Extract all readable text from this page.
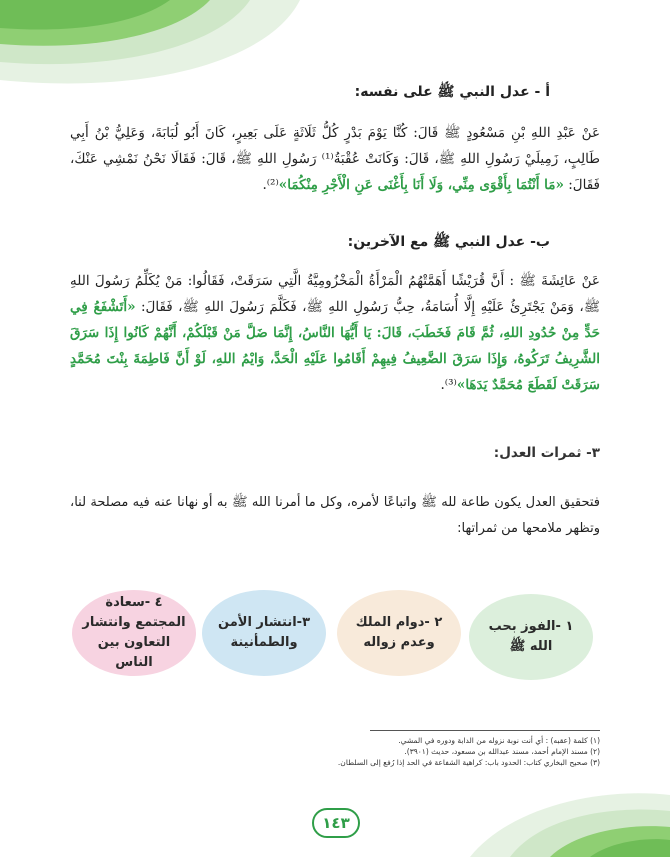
أ - عدل النبي ﷺ على نفسه:
عَنْ عَبْدِ اللهِ بْنِ مَسْعُودٍ ﷺ قَالَ: كُنَّا يَوْمَ بَدْرٍ كُلُّ ثَلَاثَةٍ عَلَى بَعِيرٍ، كَانَ أَبُو لُبَابَةَ، وَعَلِيُّ بْنُ أَبِي طَالِبٍ، زَمِيلَيْ رَسُولِ اللهِ ﷺ، قَالَ: وَكَانَتْ عُقْبَةُ⁽¹⁾ رَسُولِ اللهِ ﷺ، قَالَ: فَقَالَا نَحْنُ نَمْشِي عَنْكَ، فَقَالَ: «مَا أَنْتُمَا بِأَقْوَى مِنِّي، وَلَا أَنَا بِأَغْنَى عَنِ الْأَجْرِ مِنْكُمَا»⁽²⁾.
ب- عدل النبي ﷺ مع الآخرين:
عَنْ عَائِشَةَ ﷺ : أَنَّ قُرَيْشًا أَهَمَّتْهُمُ الْمَرْأَةُ الْمَخْزُومِيَّةُ الَّتِي سَرَقَتْ، فَقَالُوا: مَنْ يُكَلِّمُ رَسُولَ اللهِ ﷺ، وَمَنْ يَجْتَرِئُ عَلَيْهِ إِلَّا أُسَامَةُ، حِبُّ رَسُولِ اللهِ ﷺ، فَكَلَّمَ رَسُولَ اللهِ ﷺ، فَقَالَ: «أَتَشْفَعُ فِي حَدٍّ مِنْ حُدُودِ اللهِ، ثُمَّ قَامَ فَخَطَبَ، قَالَ: يَا أَيُّهَا النَّاسُ، إِنَّمَا ضَلَّ مَنْ قَبْلَكُمْ، أَنَّهُمْ كَانُوا إِذَا سَرَقَ الشَّرِيفُ تَرَكُوهُ، وَإِذَا سَرَقَ الضَّعِيفُ فِيهِمْ أَقَامُوا عَلَيْهِ الْحَدَّ، وَايْمُ اللهِ، لَوْ أَنَّ فَاطِمَةَ بِنْتَ مُحَمَّدٍ سَرَقَتْ لَقَطَعَ مُحَمَّدٌ يَدَهَا»⁽³⁾.
٣- ثمرات العدل:
فتحقيق العدل يكون طاعة لله ﷺ واتباعًا لأمره، وكل ما أمرنا الله ﷺ به أو نهانا عنه فيه مصلحة لنا، وتظهر ملامحها من ثمراتها:
١ -الفوز بحب
الله ﷺ
٢ -دوام الملك
وعدم زواله
٣-انتشار الأمن
والطمأنينة
٤ -سعادة
المجتمع وانتشار
التعاون بين الناس
(١) كلمة (عقبه) : أي أنت نوبة نزوله من الدابة ودوره في المشي.
(٢) مسند الإمام أحمد، مسند عبدالله بن مسعود، حديث (٣٩٠١).
(٣) صحيح البخاري كتاب: الحدود باب: كراهية الشفاعة في الحد إذا رُفع إلى السلطان.
١٤٣
